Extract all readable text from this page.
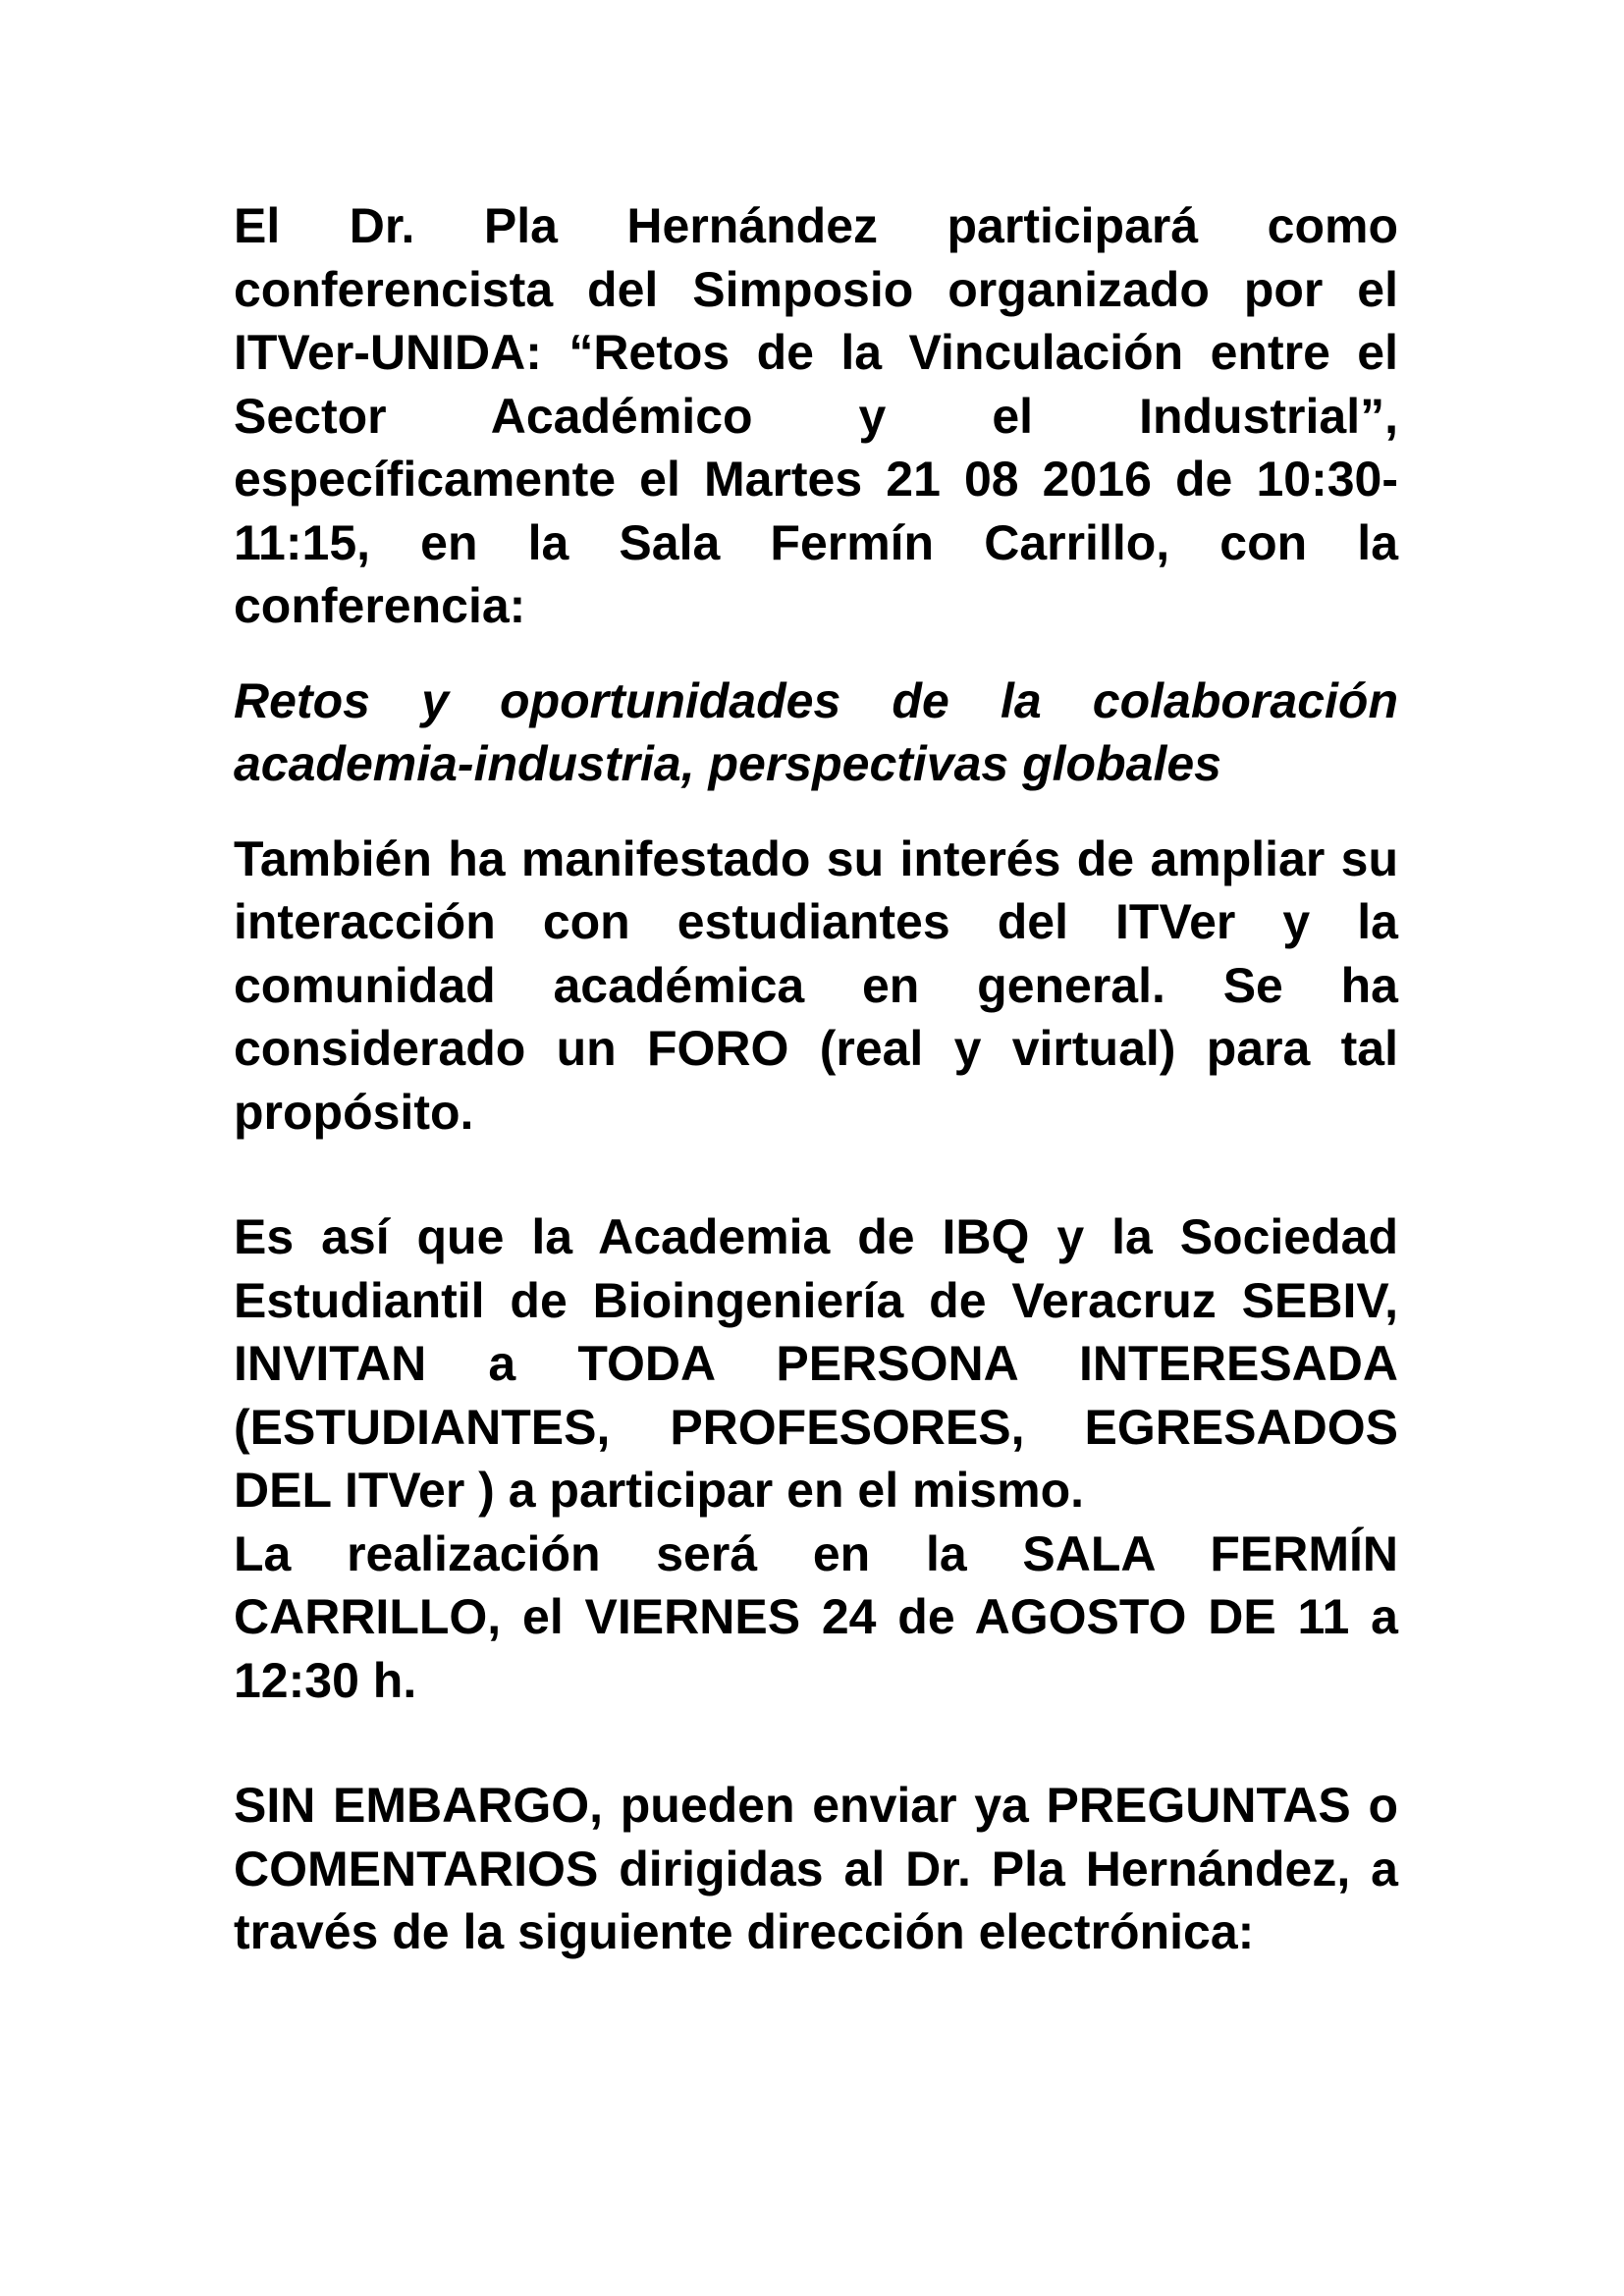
El Dr. Pla Hernández participará como conferencista del Simposio organizado por el ITVer-UNIDA: “Retos de la Vinculación entre el Sector Académico y el Industrial”, específicamente el Martes 21 08 2016 de 10:30-11:15, en la Sala Fermín Carrillo, con la conferencia:

Retos y oportunidades de la colaboración academia-industria, perspectivas globales

También ha manifestado su interés de ampliar su interacción con estudiantes del ITVer y la comunidad académica en general. Se ha considerado un FORO (real y virtual) para tal propósito.

Es así que la Academia de IBQ y la Sociedad Estudiantil de Bioingeniería de Veracruz SEBIV, INVITAN a TODA PERSONA INTERESADA (ESTUDIANTES, PROFESORES, EGRESADOS DEL ITVer ) a participar en el mismo.

La realización será en la SALA FERMÍN CARRILLO, el VIERNES 24 de AGOSTO DE 11 a 12:30 h.

SIN EMBARGO, pueden enviar ya PREGUNTAS o COMENTARIOS dirigidas al Dr. Pla Hernández, a través de la siguiente dirección electrónica:
